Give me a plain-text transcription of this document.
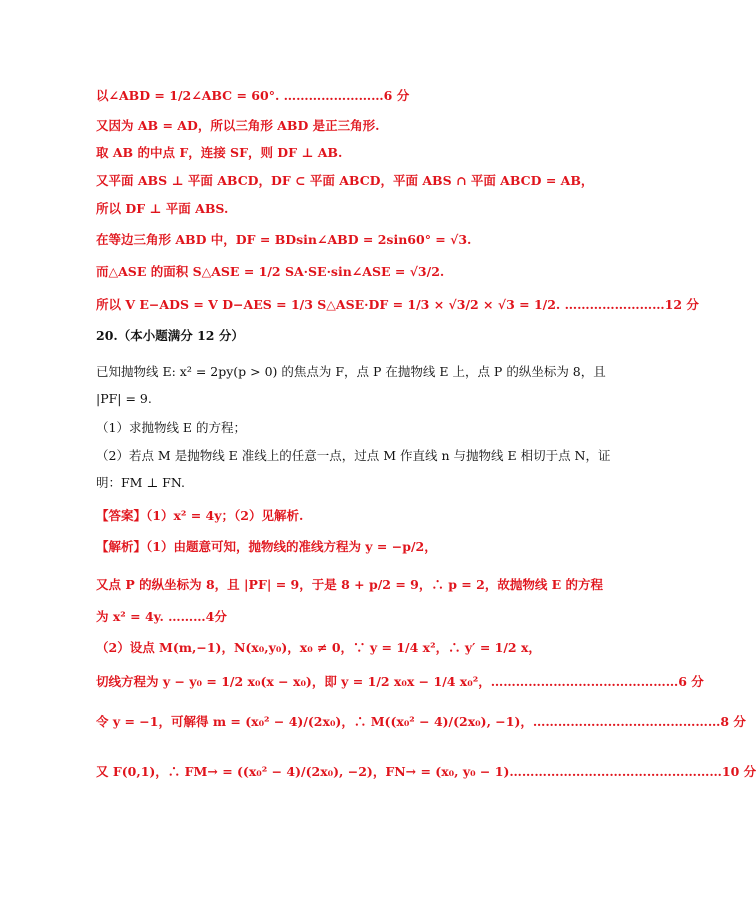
以∠ABD = 1/2∠ABC = 60°. ……………………6 分
又因为 AB = AD，所以三角形 ABD 是正三角形.
取 AB 的中点 F，连接 SF，则 DF ⊥ AB.
又平面 ABS ⊥ 平面 ABCD，DF ⊂ 平面 ABCD，平面 ABS ∩ 平面 ABCD = AB，
所以 DF ⊥ 平面 ABS.
在等边三角形 ABD 中，DF = BDsin∠ABD = 2sin60° = √3.
而△ASE 的面积 S△ASE = 1/2 SA·SE·sin∠ASE = √3/2.
所以 V E−ADS = V D−AES = 1/3 S△ASE·DF = 1/3 × √3/2 × √3 = 1/2. ……………………12 分
20.（本小题满分 12 分）
已知抛物线 E: x² = 2py(p > 0) 的焦点为 F，点 P 在抛物线 E 上，点 P 的纵坐标为 8，且
|PF| = 9.
（1）求抛物线 E 的方程；
（2）若点 M 是抛物线 E 准线上的任意一点，过点 M 作直线 n 与抛物线 E 相切于点 N，证
明：FM ⊥ FN.
【答案】（1）x² = 4y；（2）见解析.
【解析】（1）由题意可知，抛物线的准线方程为 y = −p/2，
又点 P 的纵坐标为 8，且 |PF| = 9，于是 8 + p/2 = 9，∴ p = 2，故抛物线 E 的方程
为 x² = 4y. ………4分
（2）设点 M(m,−1)，N(x₀,y₀)，x₀ ≠ 0，∵ y = 1/4 x²，∴ y′ = 1/2 x，
切线方程为 y − y₀ = 1/2 x₀(x − x₀)，即 y = 1/2 x₀x − 1/4 x₀²，………………………………………6 分
令 y = −1，可解得 m = (x₀² − 4)/(2x₀)，∴ M((x₀² − 4)/(2x₀), −1)，………………………………………8 分
又 F(0,1)，∴ FM→ = ((x₀² − 4)/(2x₀), −2)，FN→ = (x₀, y₀ − 1)……………………………………………10 分
